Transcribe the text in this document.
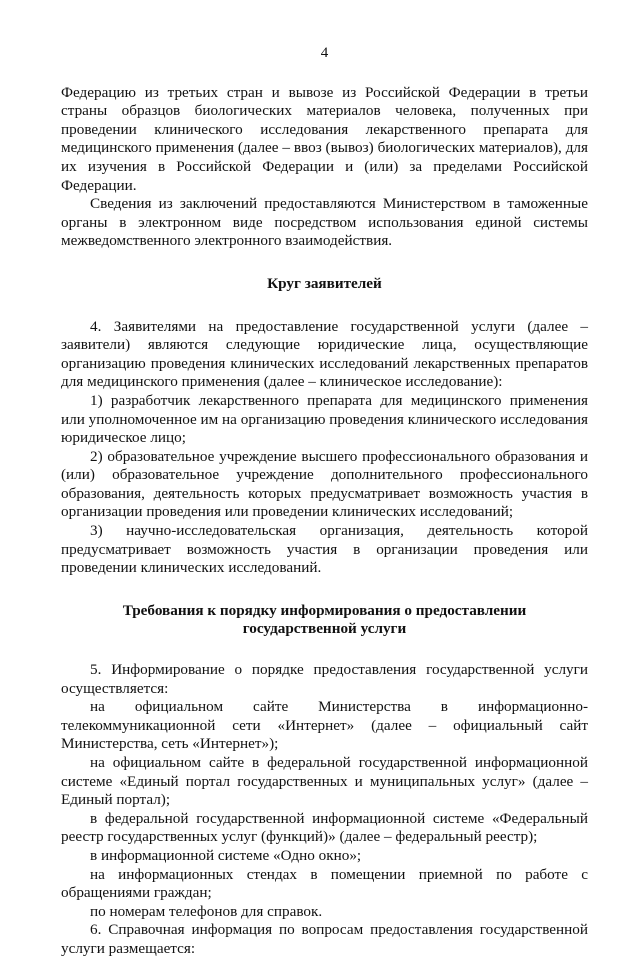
4

Федерацию из третьих стран и вывозе из Российской Федерации в третьи страны образцов биологических материалов человека, полученных при проведении клинического исследования лекарственного препарата для медицинского применения (далее – ввоз (вывоз) биологических материалов), для их изучения в Российской Федерации и (или) за пределами Российской Федерации.

Сведения из заключений предоставляются Министерством в таможенные органы в электронном виде посредством использования единой системы межведомственного электронного взаимодействия.

Круг заявителей

4. Заявителями на предоставление государственной услуги (далее – заявители) являются следующие юридические лица, осуществляющие организацию проведения клинических исследований лекарственных препаратов для медицинского применения (далее – клиническое исследование):

1) разработчик лекарственного препарата для медицинского применения или уполномоченное им на организацию проведения клинического исследования юридическое лицо;

2) образовательное учреждение высшего профессионального образования и (или) образовательное учреждение дополнительного профессионального образования, деятельность которых предусматривает возможность участия в организации проведения или проведении клинических исследований;

3) научно-исследовательская организация, деятельность которой предусматривает возможность участия в организации проведения или проведении клинических исследований.

Требования к порядку информирования о предоставлении
государственной услуги

5. Информирование о порядке предоставления государственной услуги осуществляется:

на официальном сайте Министерства в информационно-телекоммуникационной сети «Интернет» (далее – официальный сайт Министерства, сеть «Интернет»);

на официальном сайте в федеральной государственной информационной системе «Единый портал государственных и муниципальных услуг» (далее – Единый портал);

в федеральной государственной информационной системе «Федеральный реестр государственных услуг (функций)» (далее – федеральный реестр);

в информационной системе «Одно окно»;

на информационных стендах в помещении приемной по работе с обращениями граждан;

по номерам телефонов для справок.

6. Справочная информация по вопросам предоставления государственной услуги размещается:
